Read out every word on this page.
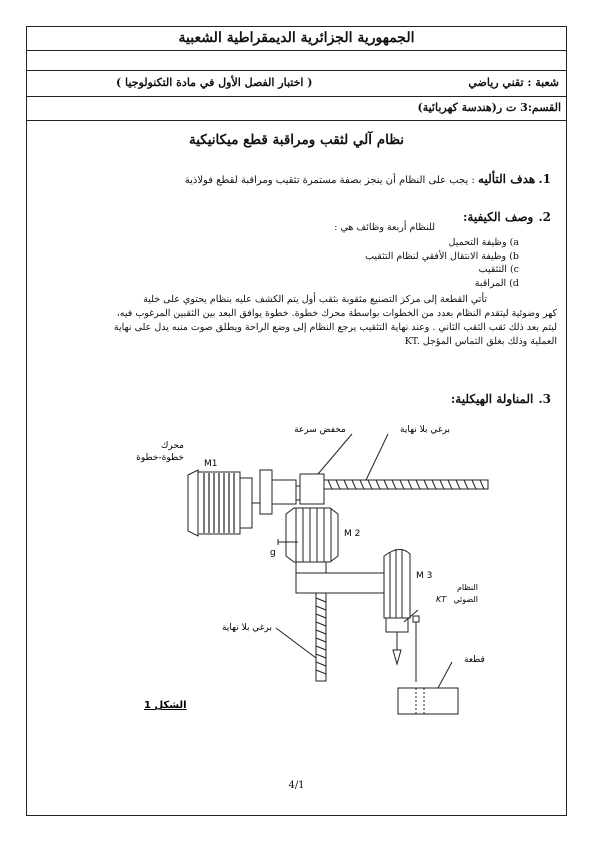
الجمهورية الجزائرية الديمقراطية الشعبية
شعبة : تقني رياضي
( اختبار الفصل الأول في مادة التكنولوجيا )
القسم:3 ت ر(هندسة كهربائية)
نظام آلي لثقب ومراقبة قطع ميكانيكية
1. هدف التأليه : يجب على النظام أن ينجز بصفة مستمرة تثقيب ومراقبة لقطع فولاذية
2. وصف الكيفية:
للنظام أربعة وظائف هي :
a) وظيفة التحميل
b) وظيفة الانتقال الأفقي لنظام التثقيب
c) التثقيب
d) المراقبة
تأتي القطعة إلى مركز التصنيع مثقوبة بثقب أول يتم الكشف عليه بنظام يحتوي على خلية
كهر وضوئية ليتقدم النظام بعدد من الخطوات بواسطة محرك خطوة. خطوة يوافق البعد بين الثقبين المرغوب فيه،
ليتم بعد ذلك ثقب الثقب الثاني . وعند نهاية التثقيب يرجع النظام إلى وضع الراحة ويطلق صوت منبه يدل على نهاية
العملية وذلك بغلق التماس المؤجل KT.
3. المناولة الهيكلية:
محرك
خطوة-خطوة
M1
مخفض سرعة	برغي بلا نهاية
M 2
g
M 3
النظام
الضوئي
KT
برغي بلا نهاية
قطعة
الشكل 1
4/1
